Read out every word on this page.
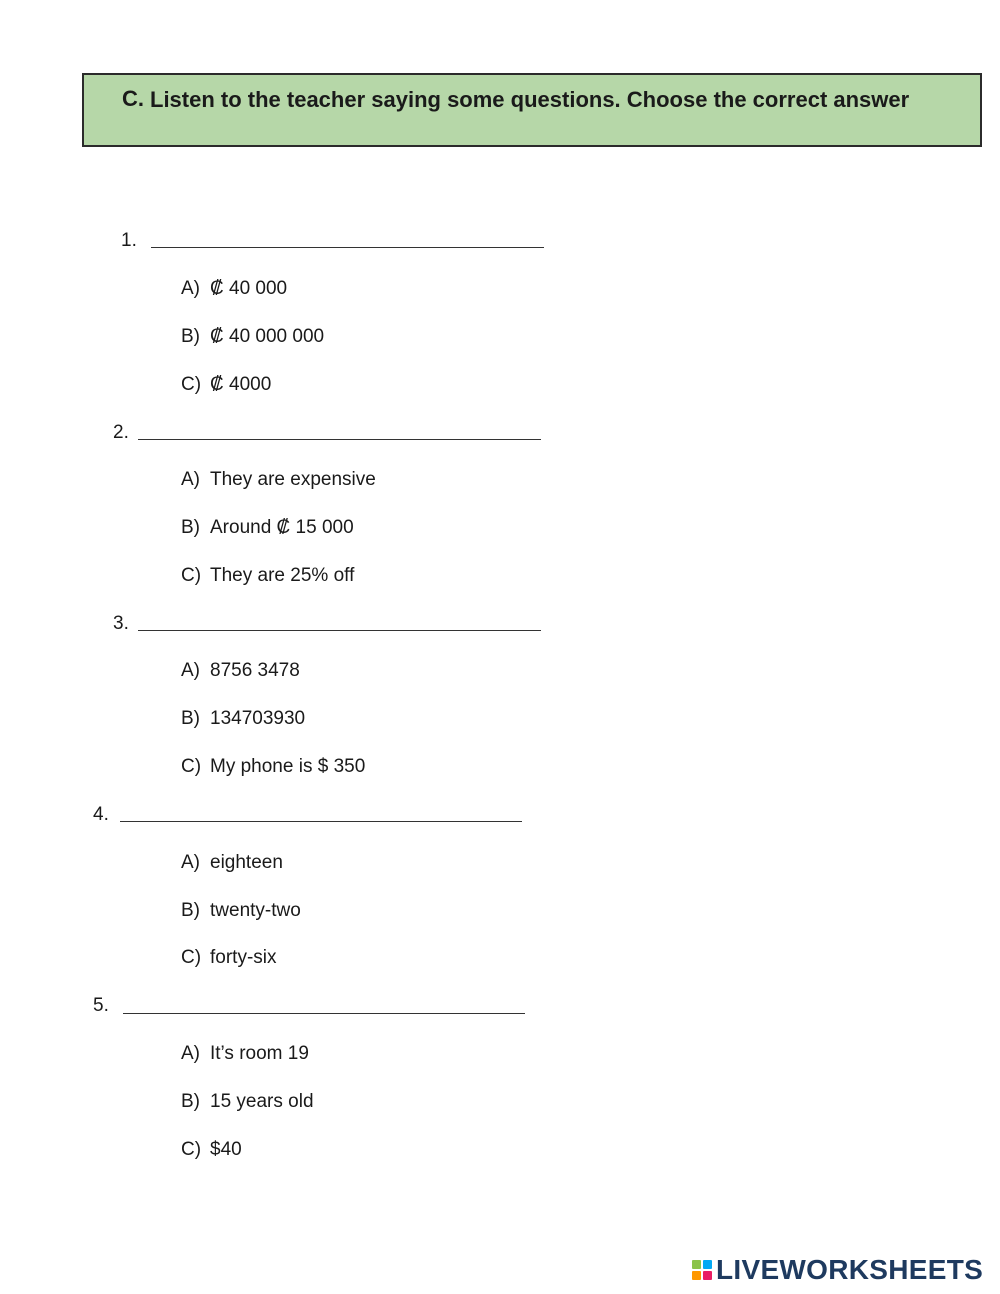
C. Listen to the teacher saying some questions. Choose the correct answer
1.
A) ₡ 40 000
B) ₡ 40 000 000
C) ₡ 4000
2.
A) They are expensive
B) Around ₡ 15 000
C) They are 25% off
3.
A) 8756 3478
B) 134703930
C) My phone is $ 350
4.
A) eighteen
B) twenty-two
C) forty-six
5.
A) It’s room 19
B) 15 years old
C) $40
LIVEWORKSHEETS
